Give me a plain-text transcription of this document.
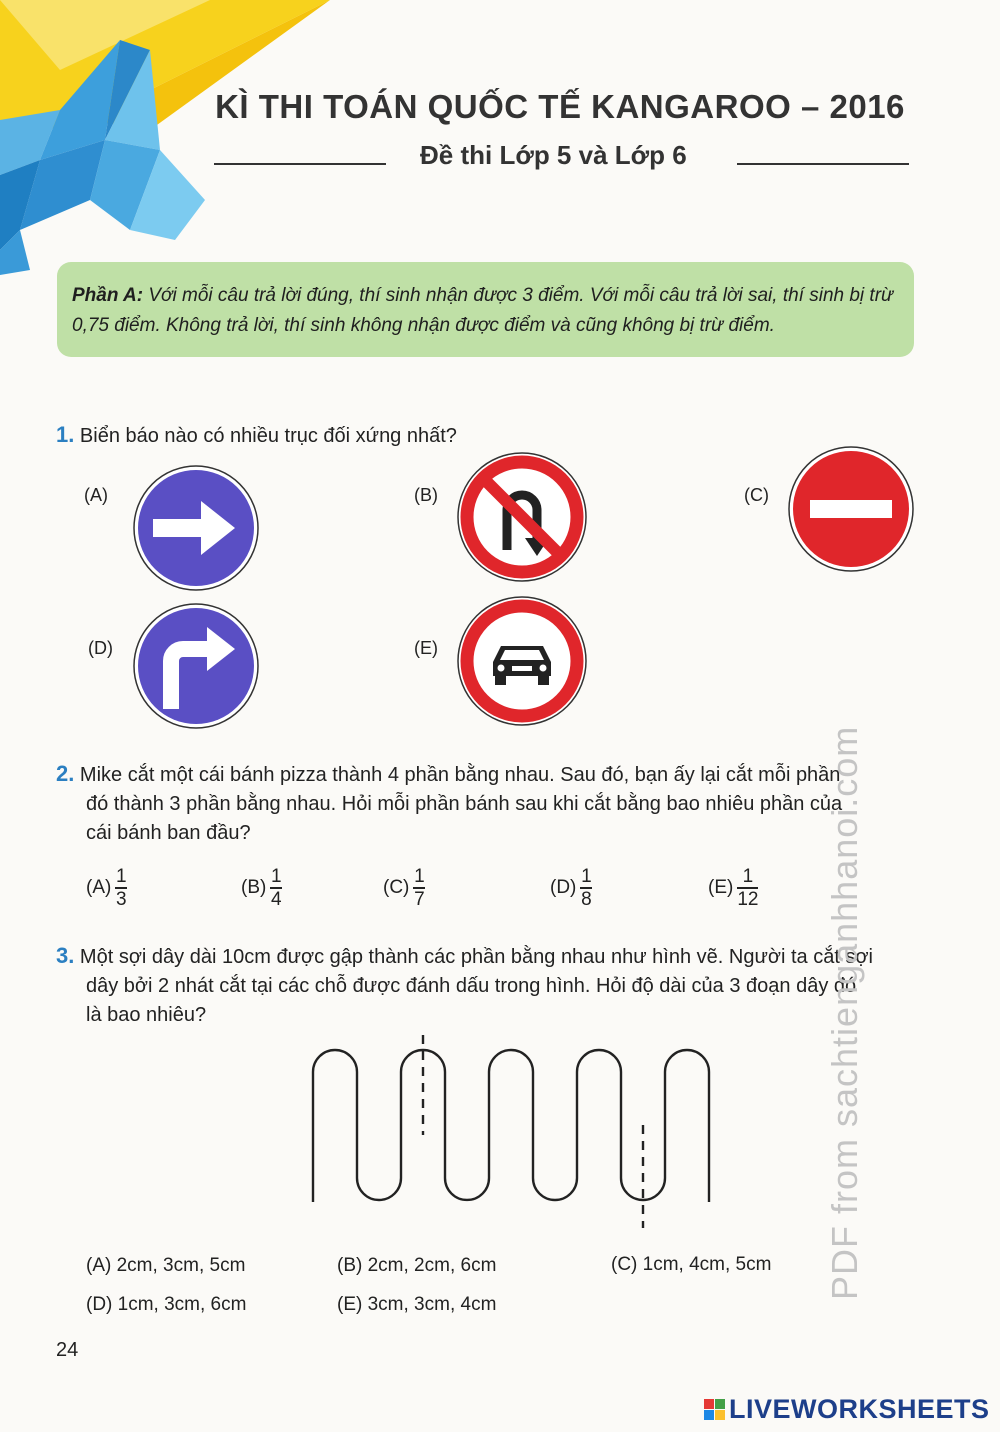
KÌ THI TOÁN QUỐC TẾ KANGAROO – 2016
Đề thi Lớp 5 và Lớp 6
Phần A: Với mỗi câu trả lời đúng, thí sinh nhận được 3 điểm. Với mỗi câu trả lời sai, thí sinh bị trừ 0,75 điểm. Không trả lời, thí sinh không nhận được điểm và cũng không bị trừ điểm.
1. Biển báo nào có nhiều trục đối xứng nhất?
(A)	(B)	(C)
(D)	(E)
2. Mike cắt một cái bánh pizza thành 4 phần bằng nhau. Sau đó, bạn ấy lại cắt mỗi phần
đó thành 3 phần bằng nhau. Hỏi mỗi phần bánh sau khi cắt bằng bao nhiêu phần của
cái bánh ban đầu?
$(A) \frac{1}{3}$	$(B) \frac{1}{4}$	$(C) \frac{1}{7}$	$(D) \frac{1}{8}$	$(E) \frac{1}{12}$
3. Một sợi dây dài 10cm được gập thành các phần bằng nhau như hình vẽ. Người ta cắt sợi
dây bởi 2 nhát cắt tại các chỗ được đánh dấu trong hình. Hỏi độ dài của 3 đoạn dây đó
là bao nhiêu?
(A) 2cm, 3cm, 5cm	(B) 2cm, 2cm, 6cm	(C) 1cm, 4cm, 5cm
(D) 1cm, 3cm, 6cm	(E) 3cm, 3cm, 4cm
24
PDF from sachtienganhhanoi.com
LIVEWORKSHEETS
